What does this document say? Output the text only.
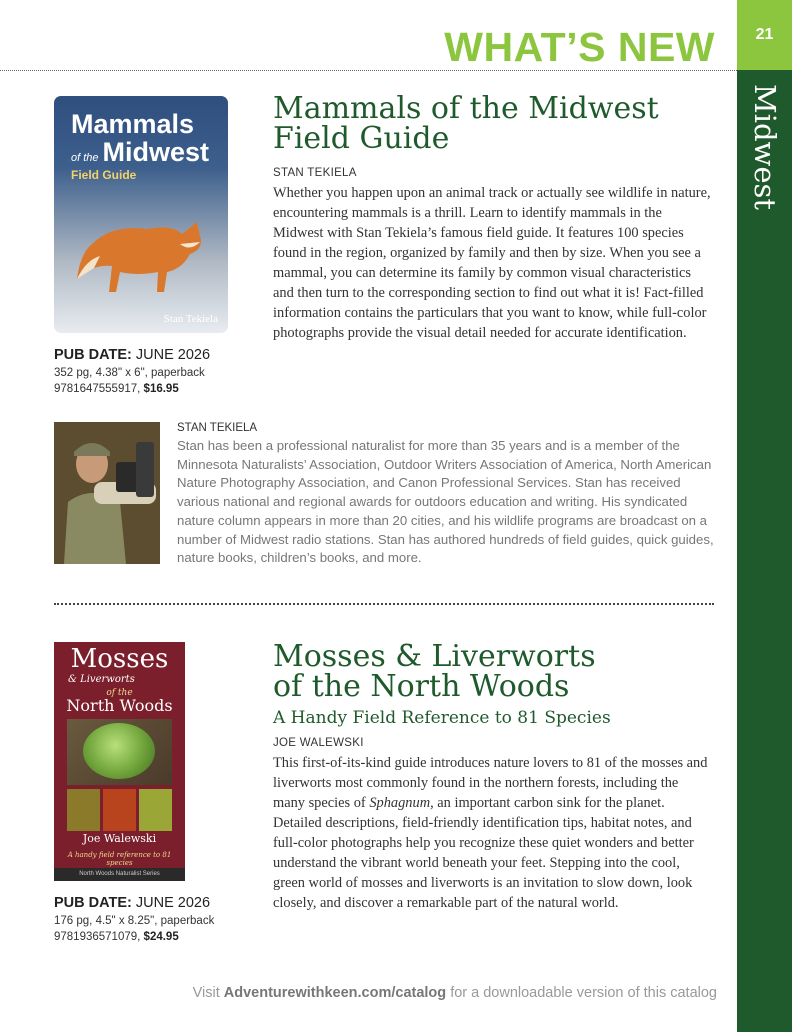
21
Midwest
WHAT’S NEW
Mammals
of the Midwest
Field Guide
Stan Tekiela
PUB DATE: JUNE 2026
352 pg, 4.38" x 6", paperback
9781647555917, $16.95
Mammals of the Midwest
Field Guide
STAN TEKIELA
Whether you happen upon an animal track or actually see wildlife in nature, encountering mammals is a thrill. Learn to identify mammals in the Midwest with Stan Tekiela’s famous field guide. It features 100 species found in the region, organized by family and then by size. When you see a mammal, you can determine its family by common visual characteristics and then turn to the corresponding section to find out what it is! Fact-filled information contains the particulars that you want to know, while full-color photographs provide the visual detail needed for accurate identification.
STAN TEKIELA
Stan has been a professional naturalist for more than 35 years and is a member of the Minnesota Naturalists’ Association, Outdoor Writers Association of America, North American Nature Photography Association, and Canon Professional Services. Stan has received various national and regional awards for outdoors education and writing. His syndicated nature column appears in more than 20 cities, and his wildlife programs are broadcast on a number of Midwest radio stations. Stan has authored hundreds of field guides, quick guides, nature books, children’s books, and more.
Mosses
& Liverworts
of the
North Woods
Joe Walewski
A handy field reference to 81 species
North Woods Naturalist Series
PUB DATE: JUNE 2026
176 pg, 4.5" x 8.25", paperback
9781936571079, $24.95
Mosses & Liverworts
of the North Woods
A Handy Field Reference to 81 Species
JOE WALEWSKI
This first-of-its-kind guide introduces nature lovers to 81 of the mosses and liverworts most commonly found in the northern forests, including the many species of Sphagnum, an important carbon sink for the planet. Detailed descriptions, field-friendly identification tips, habitat notes, and full-color photographs help you recognize these quiet wonders and better understand the vibrant world beneath your feet. Stepping into the cool, green world of mosses and liverworts is an invitation to slow down, look closely, and discover a remarkable part of the natural world.
Visit Adventurewithkeen.com/catalog for a downloadable version of this catalog
